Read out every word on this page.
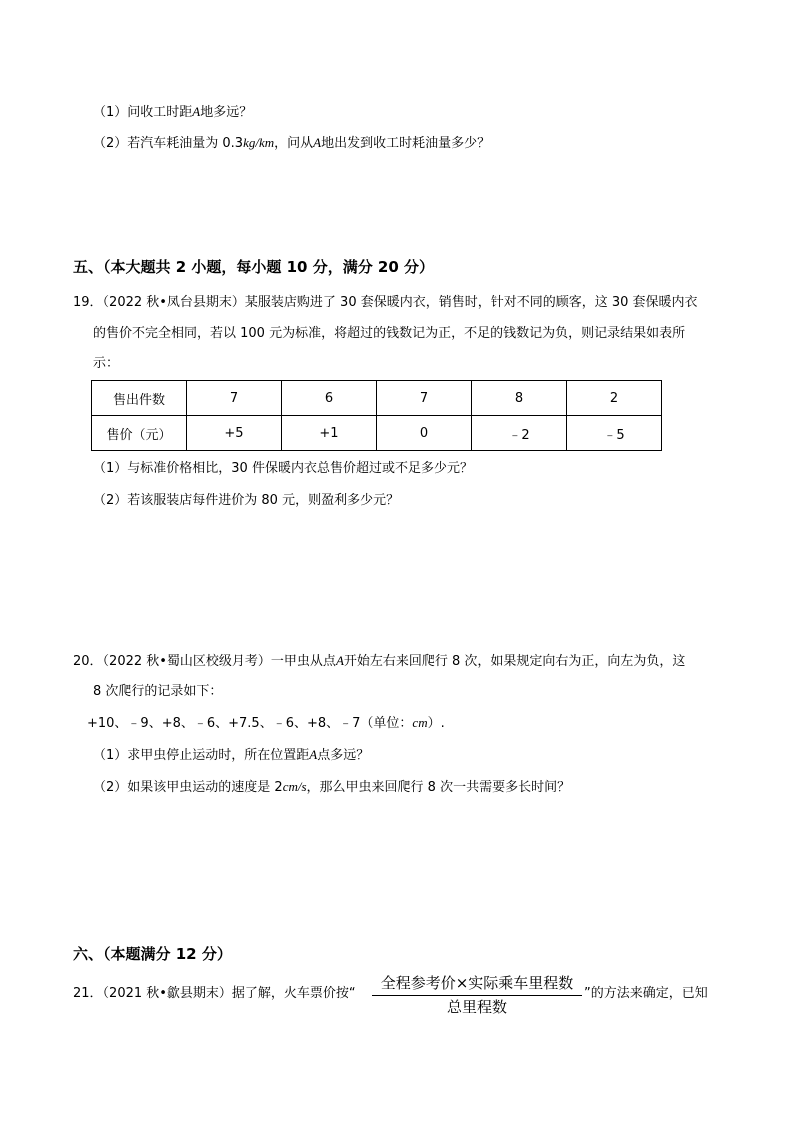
（1）问收工时距A地多远？
（2）若汽车耗油量为 0.3kg/km，问从A地出发到收工时耗油量多少？
五、（本大题共 2 小题，每小题 10 分，满分 20 分）
19．（2022 秋•凤台县期末）某服装店购进了 30 套保暖内衣，销售时，针对不同的顾客，这 30 套保暖内衣
的售价不完全相同，若以 100 元为标准，将超过的钱数记为正，不足的钱数记为负，则记录结果如表所
示：
售出件数	7	6	7	8	2
售价（元）	+5	+1	0	﹣2	﹣5
（1）与标准价格相比，30 件保暖内衣总售价超过或不足多少元？
（2）若该服装店每件进价为 80 元，则盈利多少元？
20．（2022 秋•蜀山区校级月考）一甲虫从点A开始左右来回爬行 8 次，如果规定向右为正，向左为负，这
8 次爬行的记录如下：
+10、﹣9、+8、﹣6、+7.5、﹣6、+8、﹣7（单位：cm）.
（1）求甲虫停止运动时，所在位置距A点多远？
（2）如果该甲虫运动的速度是 2cm/s，那么甲虫来回爬行 8 次一共需要多长时间？
六、（本题满分 12 分）
21．（2021 秋•歙县期末）据了解，火车票价按“
全程参考价×实际乘车里程数
总里程数
”的方法来确定，已知
